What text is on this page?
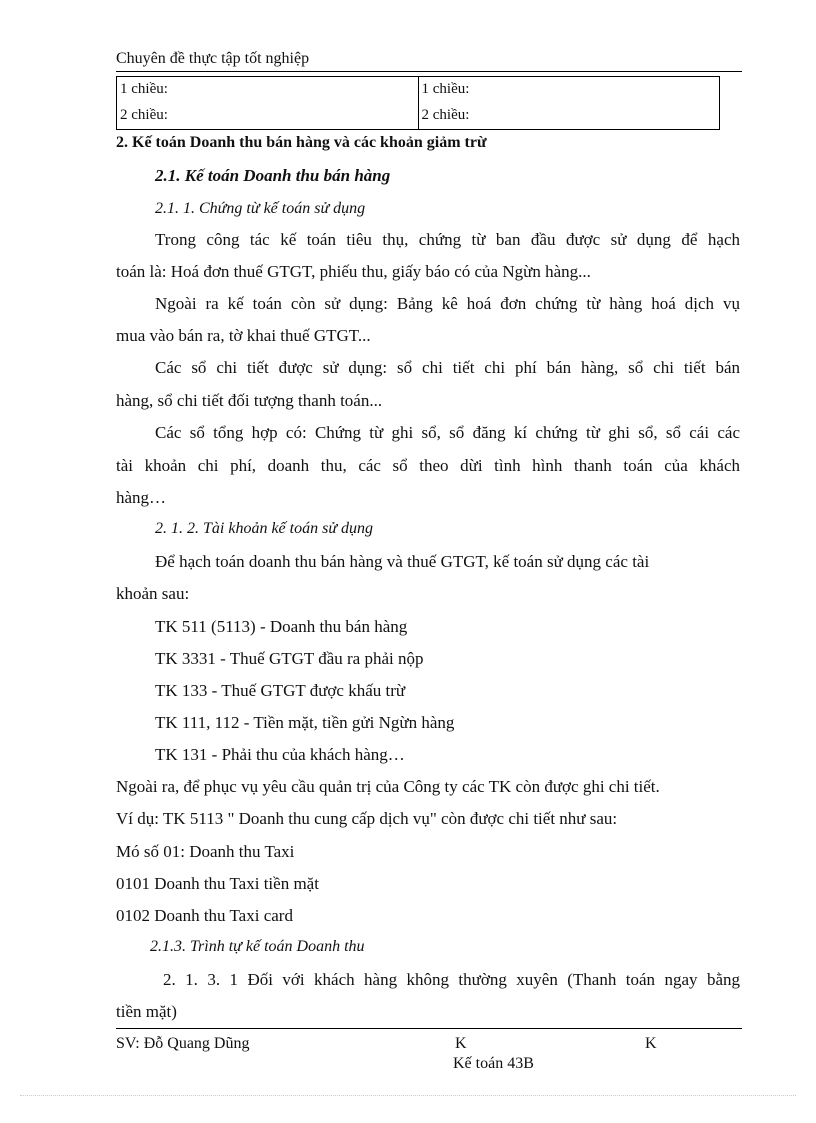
Chuyên đề thực tập tốt nghiệp
1 chiều:	1 chiều:
2 chiều:	2 chiều:
2. Kế toán Doanh thu bán hàng và các khoản giảm trừ
2.1. Kế toán Doanh thu bán hàng
2.1. 1. Chứng từ kế toán sử dụng
Trong công tác kế toán tiêu thụ, chứng từ ban đầu được sử dụng để hạch
toán là: Hoá đơn thuế GTGT, phiếu thu, giấy báo có của Ngừn hàng...
Ngoài ra kế toán còn sử dụng: Bảng kê hoá đơn chứng từ hàng hoá dịch vụ
mua vào bán ra, tờ khai thuế GTGT...
Các sổ chi tiết được sử dụng: sổ chi tiết chi phí bán hàng, sổ chi tiết bán
hàng, sổ chi tiết đối tượng thanh toán...
Các sổ tổng hợp có: Chứng từ ghi sổ, sổ đăng kí chứng từ ghi sổ, sổ cái các
tài khoản chi phí, doanh thu, các sổ theo dừi tình hình thanh toán của khách
hàng…
2. 1. 2. Tài khoản kế toán sử dụng
Để hạch toán doanh thu bán hàng và thuế GTGT, kế toán sử dụng các tài
khoản sau:
TK 511 (5113) - Doanh thu bán hàng
TK 3331 - Thuế GTGT đầu ra phải nộp
TK 133 - Thuế GTGT được khấu trừ
TK 111, 112 - Tiền mặt, tiền gửi Ngừn hàng
TK 131 - Phải thu của khách hàng…
Ngoài ra, để phục vụ yêu cầu quản trị của Công ty các TK còn được ghi chi tiết.
Ví dụ: TK 5113 " Doanh thu cung cấp dịch vụ" còn được chi tiết như sau:
Mó số 01: Doanh thu Taxi
0101 Doanh thu Taxi tiền mặt
0102 Doanh thu Taxi card
2.1.3. Trình tự kế toán Doanh thu
2. 1. 3. 1 Đối với khách hàng không thường xuyên (Thanh toán ngay bằng
tiền mặt)
SV: Đỗ Quang Dũng	K	K
Kế toán 43B
